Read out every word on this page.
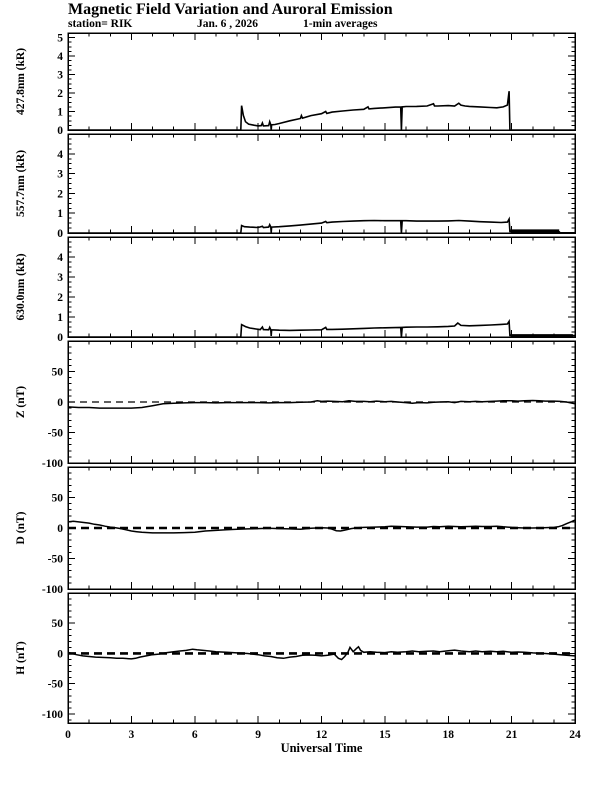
Magnetic Field Variation and Auroral Emission
station= RIK	Jan. 6 , 2026	1-min averages
5
4
3
2
1
0
427.8nm (kR)
4
3
2
1
0
557.7nm (kR)
4
3
2
1
0
630.0nm (kR)
50
0
-50
-100
Z (nT)
50
0
-50
-100
D (nT)
50
0
-50
-100
H (nT)
0	3	6	9	12	15	18	21	24
Universal Time
